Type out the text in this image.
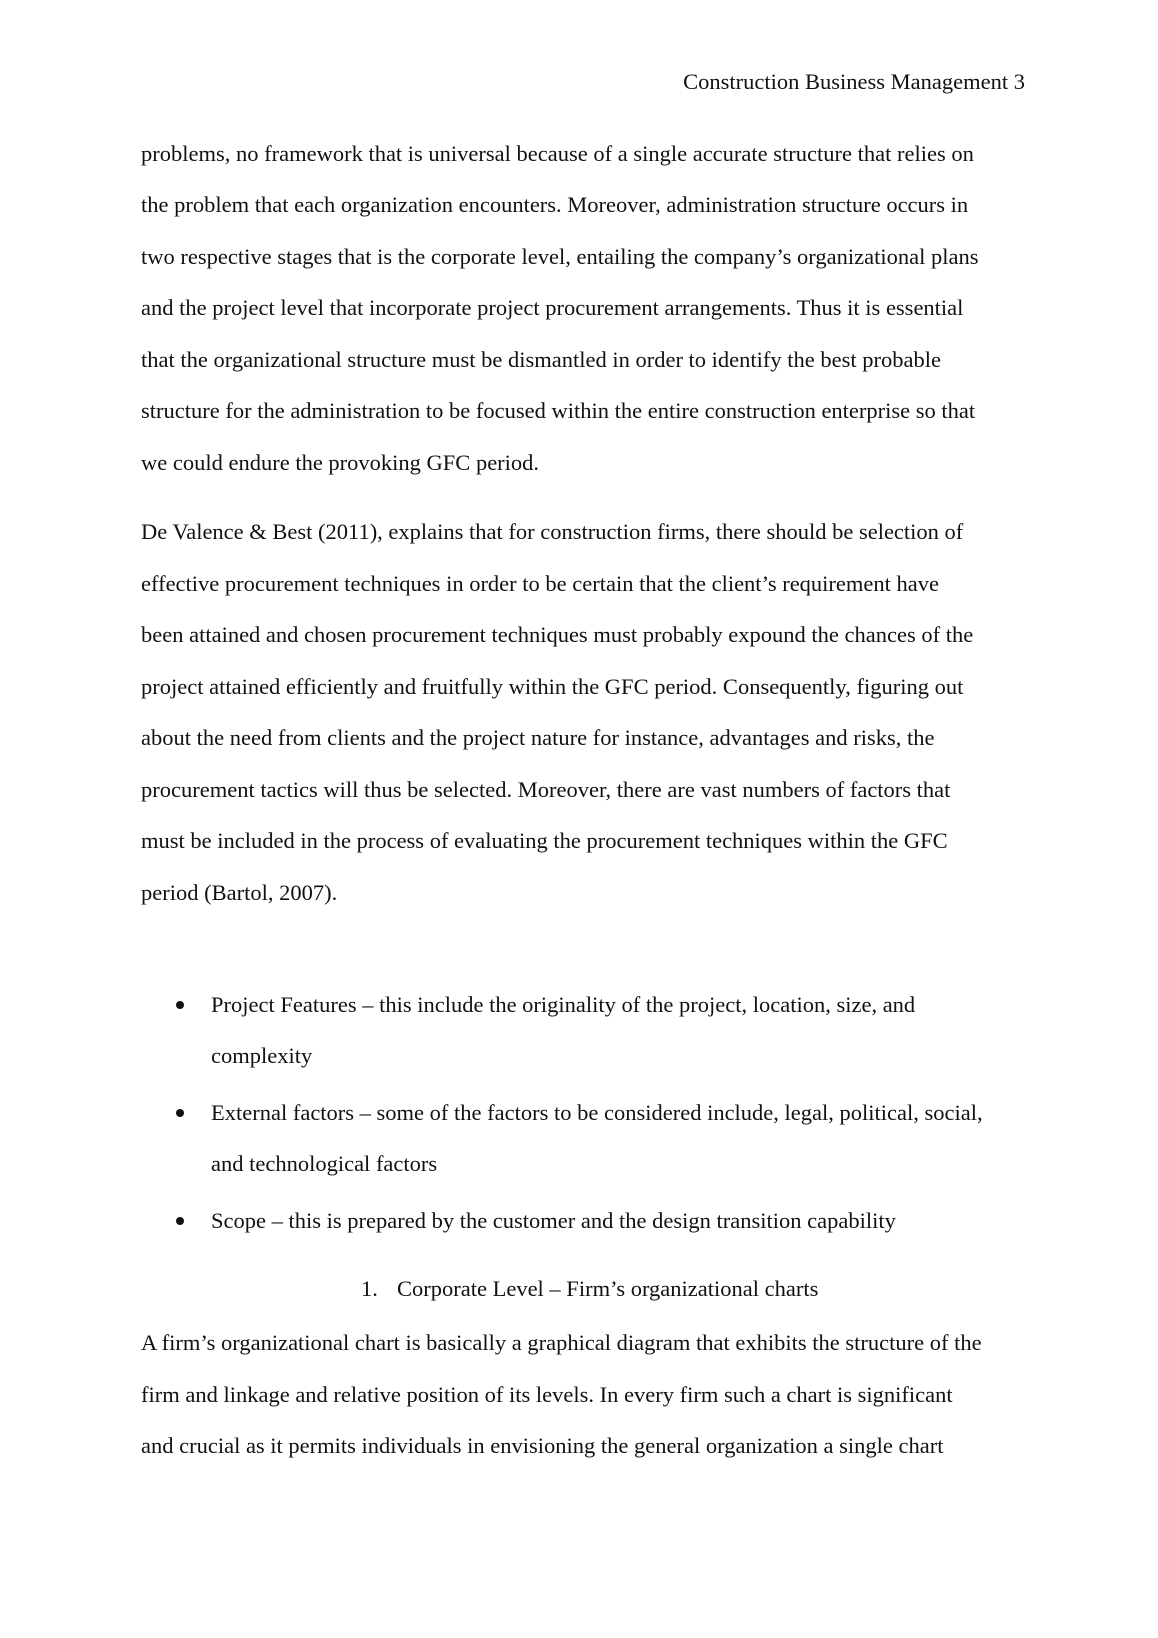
Construction Business Management 3
problems, no framework that is universal because of a single accurate structure that relies on
the problem that each organization encounters. Moreover, administration structure occurs in
two respective stages that is the corporate level, entailing the company’s organizational plans
and the project level that incorporate project procurement arrangements. Thus it is essential
that the organizational structure must be dismantled in order to identify the best probable
structure for the administration to be focused within the entire construction enterprise so that
we could endure the provoking GFC period.
De Valence & Best (2011), explains that for construction firms, there should be selection of
effective procurement techniques in order to be certain that the client’s requirement have
been attained and chosen procurement techniques must probably expound the chances of the
project attained efficiently and fruitfully within the GFC period. Consequently, figuring out
about the need from clients and the project nature for instance, advantages and risks, the
procurement tactics will thus be selected. Moreover, there are vast numbers of factors that
must be included in the process of evaluating the procurement techniques within the GFC
period (Bartol, 2007).
Project Features – this include the originality of the project, location, size, and
complexity
External factors – some of the factors to be considered include, legal, political, social,
and technological factors
Scope – this is prepared by the customer and the design transition capability
1. Corporate Level – Firm’s organizational charts
A firm’s organizational chart is basically a graphical diagram that exhibits the structure of the
firm and linkage and relative position of its levels. In every firm such a chart is significant
and crucial as it permits individuals in envisioning the general organization a single chart
